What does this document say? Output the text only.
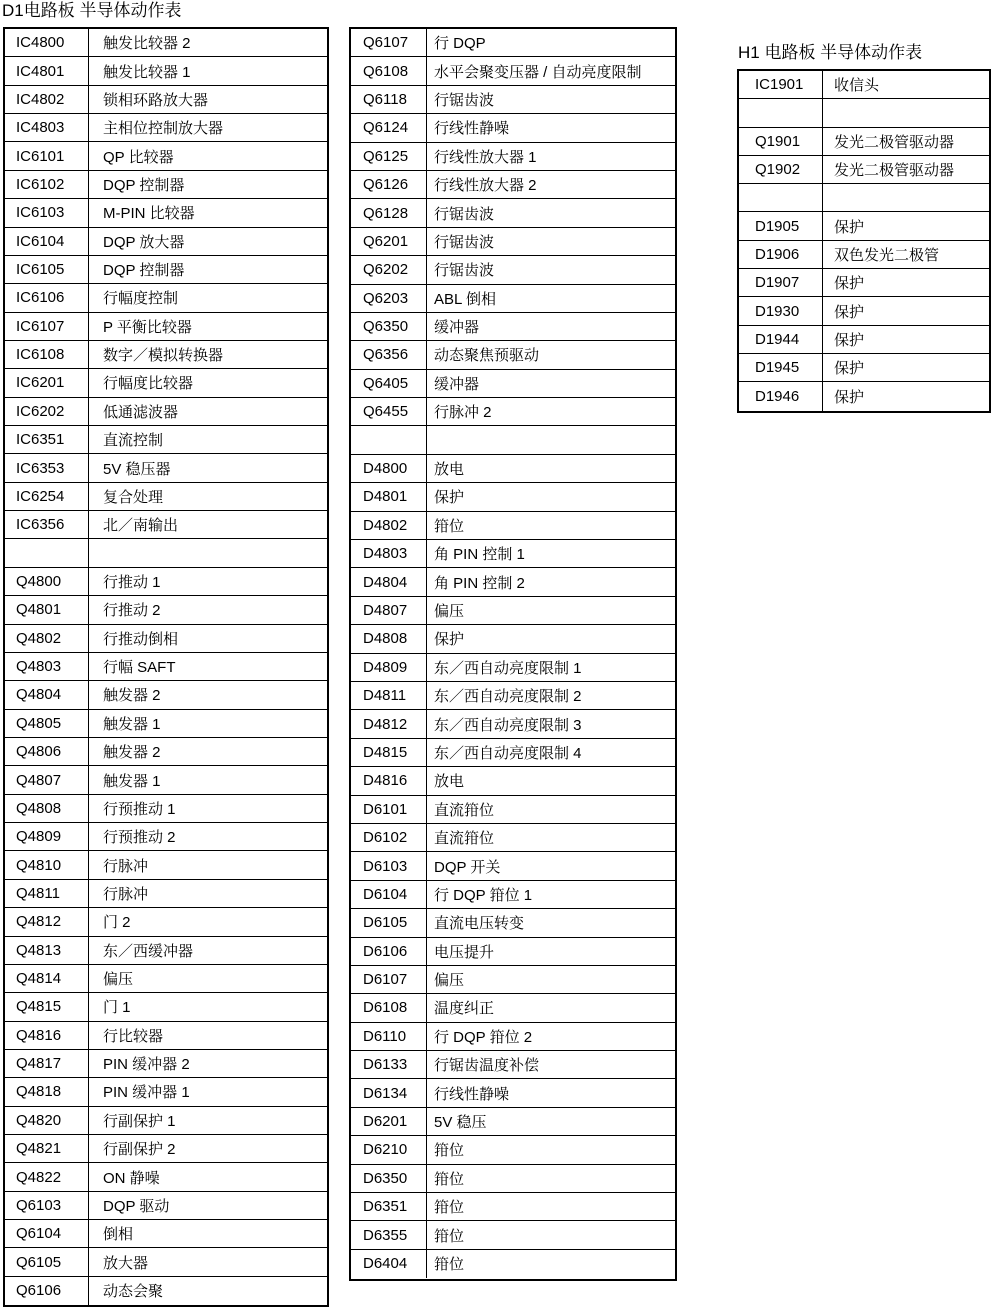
D1电路板 半导体动作表
IC4800	触发比较器 2
IC4801	触发比较器 1
IC4802	锁相环路放大器
IC4803	主相位控制放大器
IC6101	QP 比较器
IC6102	DQP 控制器
IC6103	M-PIN 比较器
IC6104	DQP 放大器
IC6105	DQP 控制器
IC6106	行幅度控制
IC6107	P 平衡比较器
IC6108	数字／模拟转换器
IC6201	行幅度比较器
IC6202	低通滤波器
IC6351	直流控制
IC6353	5V 稳压器
IC6254	复合处理
IC6356	北／南输出
Q4800	行推动 1
Q4801	行推动 2
Q4802	行推动倒相
Q4803	行幅 SAFT
Q4804	触发器 2
Q4805	触发器 1
Q4806	触发器 2
Q4807	触发器 1
Q4808	行预推动 1
Q4809	行预推动 2
Q4810	行脉冲
Q4811	行脉冲
Q4812	门 2
Q4813	东／西缓冲器
Q4814	偏压
Q4815	门 1
Q4816	行比较器
Q4817	PIN 缓冲器 2
Q4818	PIN 缓冲器 1
Q4820	行副保护 1
Q4821	行副保护 2
Q4822	ON 静噪
Q6103	DQP 驱动
Q6104	倒相
Q6105	放大器
Q6106	动态会聚
Q6107	行 DQP
Q6108	水平会聚变压器 / 自动亮度限制
Q6118	行锯齿波
Q6124	行线性静噪
Q6125	行线性放大器 1
Q6126	行线性放大器 2
Q6128	行锯齿波
Q6201	行锯齿波
Q6202	行锯齿波
Q6203	ABL 倒相
Q6350	缓冲器
Q6356	动态聚焦预驱动
Q6405	缓冲器
Q6455	行脉冲 2
D4800	放电
D4801	保护
D4802	箝位
D4803	角 PIN 控制 1
D4804	角 PIN 控制 2
D4807	偏压
D4808	保护
D4809	东／西自动亮度限制 1
D4811	东／西自动亮度限制 2
D4812	东／西自动亮度限制 3
D4815	东／西自动亮度限制 4
D4816	放电
D6101	直流箝位
D6102	直流箝位
D6103	DQP 开关
D6104	行 DQP 箝位 1
D6105	直流电压转变
D6106	电压提升
D6107	偏压
D6108	温度纠正
D6110	行 DQP 箝位 2
D6133	行锯齿温度补偿
D6134	行线性静噪
D6201	5V 稳压
D6210	箝位
D6350	箝位
D6351	箝位
D6355	箝位
D6404	箝位
H1 电路板 半导体动作表
IC1901	收信头
Q1901	发光二极管驱动器
Q1902	发光二极管驱动器
D1905	保护
D1906	双色发光二极管
D1907	保护
D1930	保护
D1944	保护
D1945	保护
D1946	保护
